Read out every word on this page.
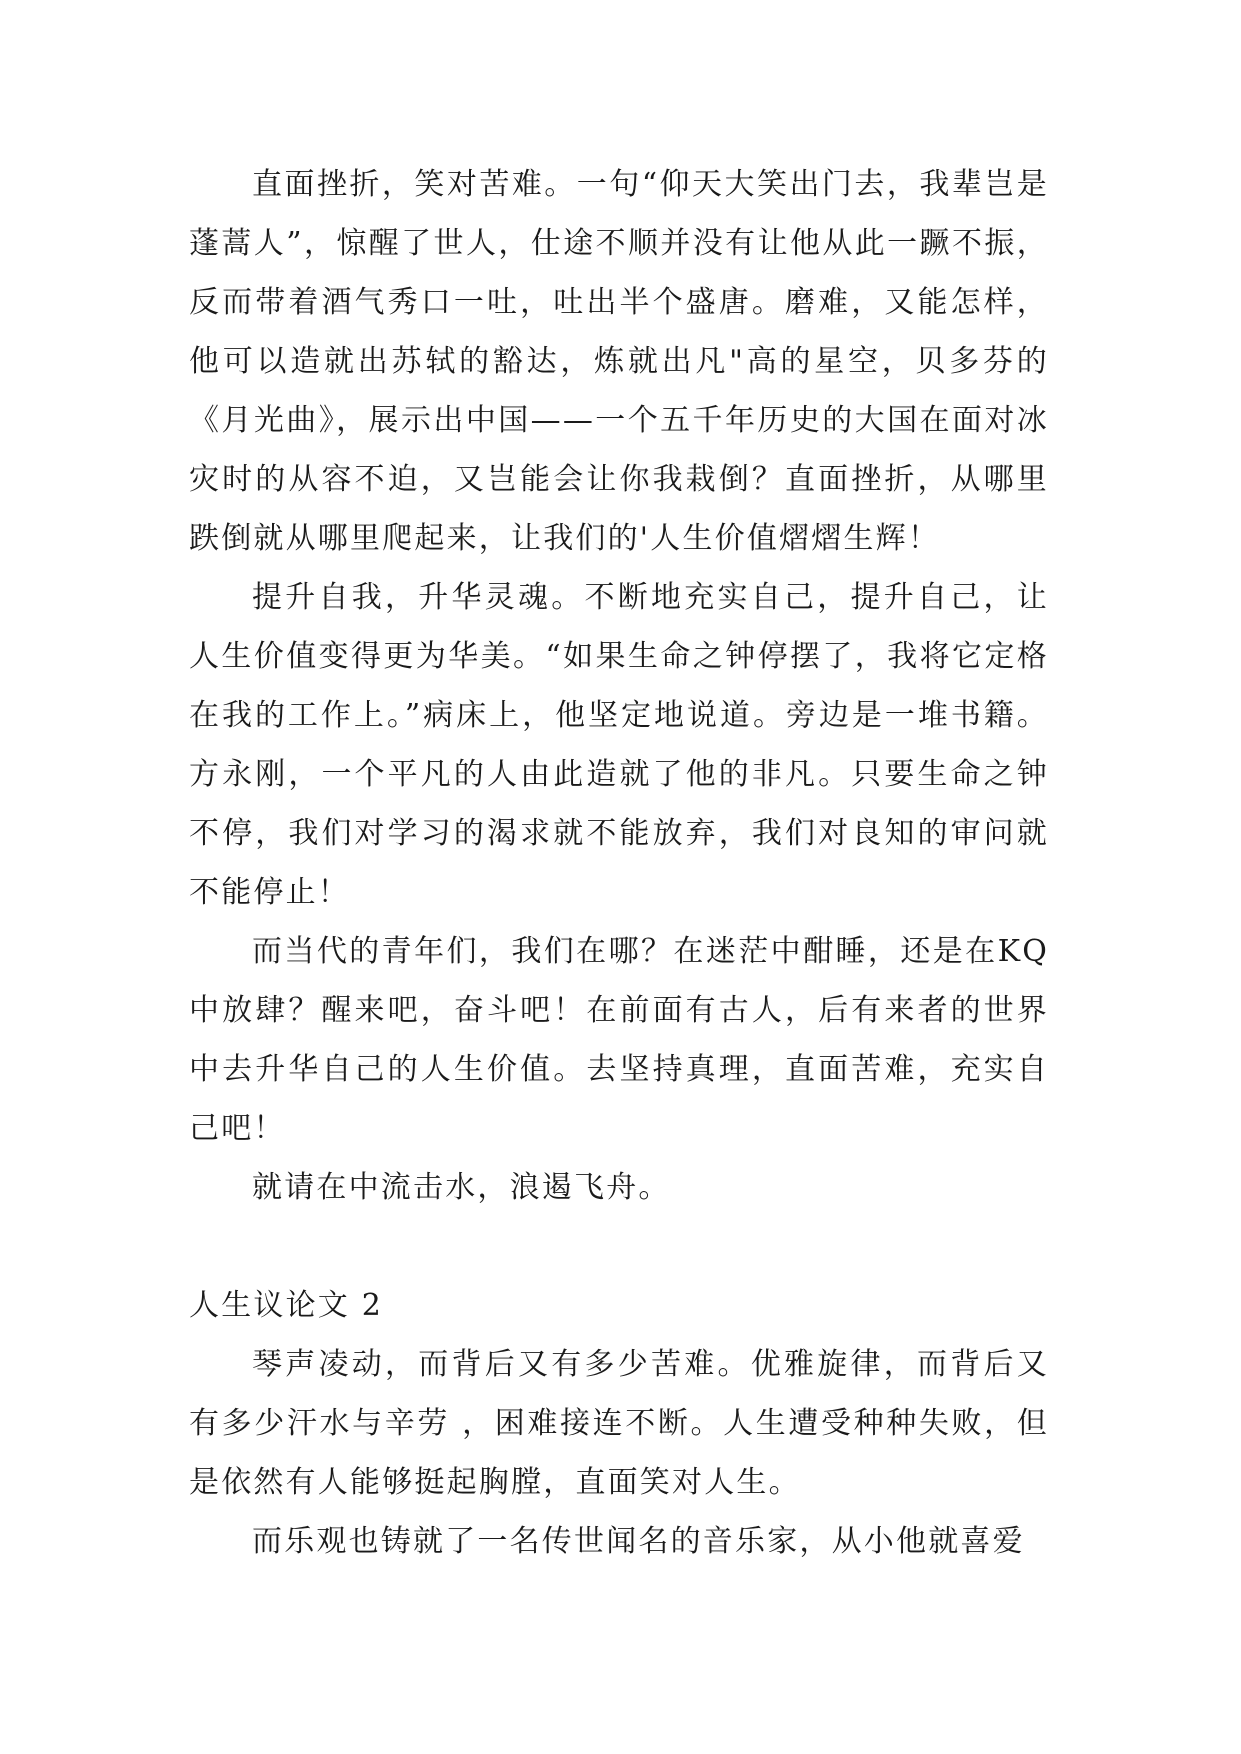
直面挫折，笑对苦难。一句“仰天大笑出门去，我辈岂是蓬蒿人”，惊醒了世人，仕途不顺并没有让他从此一蹶不振，反而带着酒气秀口一吐，吐出半个盛唐。磨难，又能怎样，他可以造就出苏轼的豁达，炼就出凡"高的星空，贝多芬的《月光曲》，展示出中国——一个五千年历史的大国在面对冰灾时的从容不迫，又岂能会让你我栽倒？直面挫折，从哪里跌倒就从哪里爬起来，让我们的'人生价值熠熠生辉！

提升自我，升华灵魂。不断地充实自己，提升自己，让人生价值变得更为华美。“如果生命之钟停摆了，我将它定格在我的工作上。”病床上，他坚定地说道。旁边是一堆书籍。方永刚，一个平凡的人由此造就了他的非凡。只要生命之钟不停，我们对学习的渴求就不能放弃，我们对良知的审问就不能停止！

而当代的青年们，我们在哪？在迷茫中酣睡，还是在KQ中放肆？醒来吧，奋斗吧！在前面有古人，后有来者的世界中去升华自己的人生价值。去坚持真理，直面苦难，充实自己吧！

就请在中流击水，浪遏飞舟。

人生议论文 2

琴声凌动，而背后又有多少苦难。优雅旋律，而背后又有多少汗水与辛劳 ，困难接连不断。人生遭受种种失败，但是依然有人能够挺起胸膛，直面笑对人生。

而乐观也铸就了一名传世闻名的音乐家，从小他就喜爱
